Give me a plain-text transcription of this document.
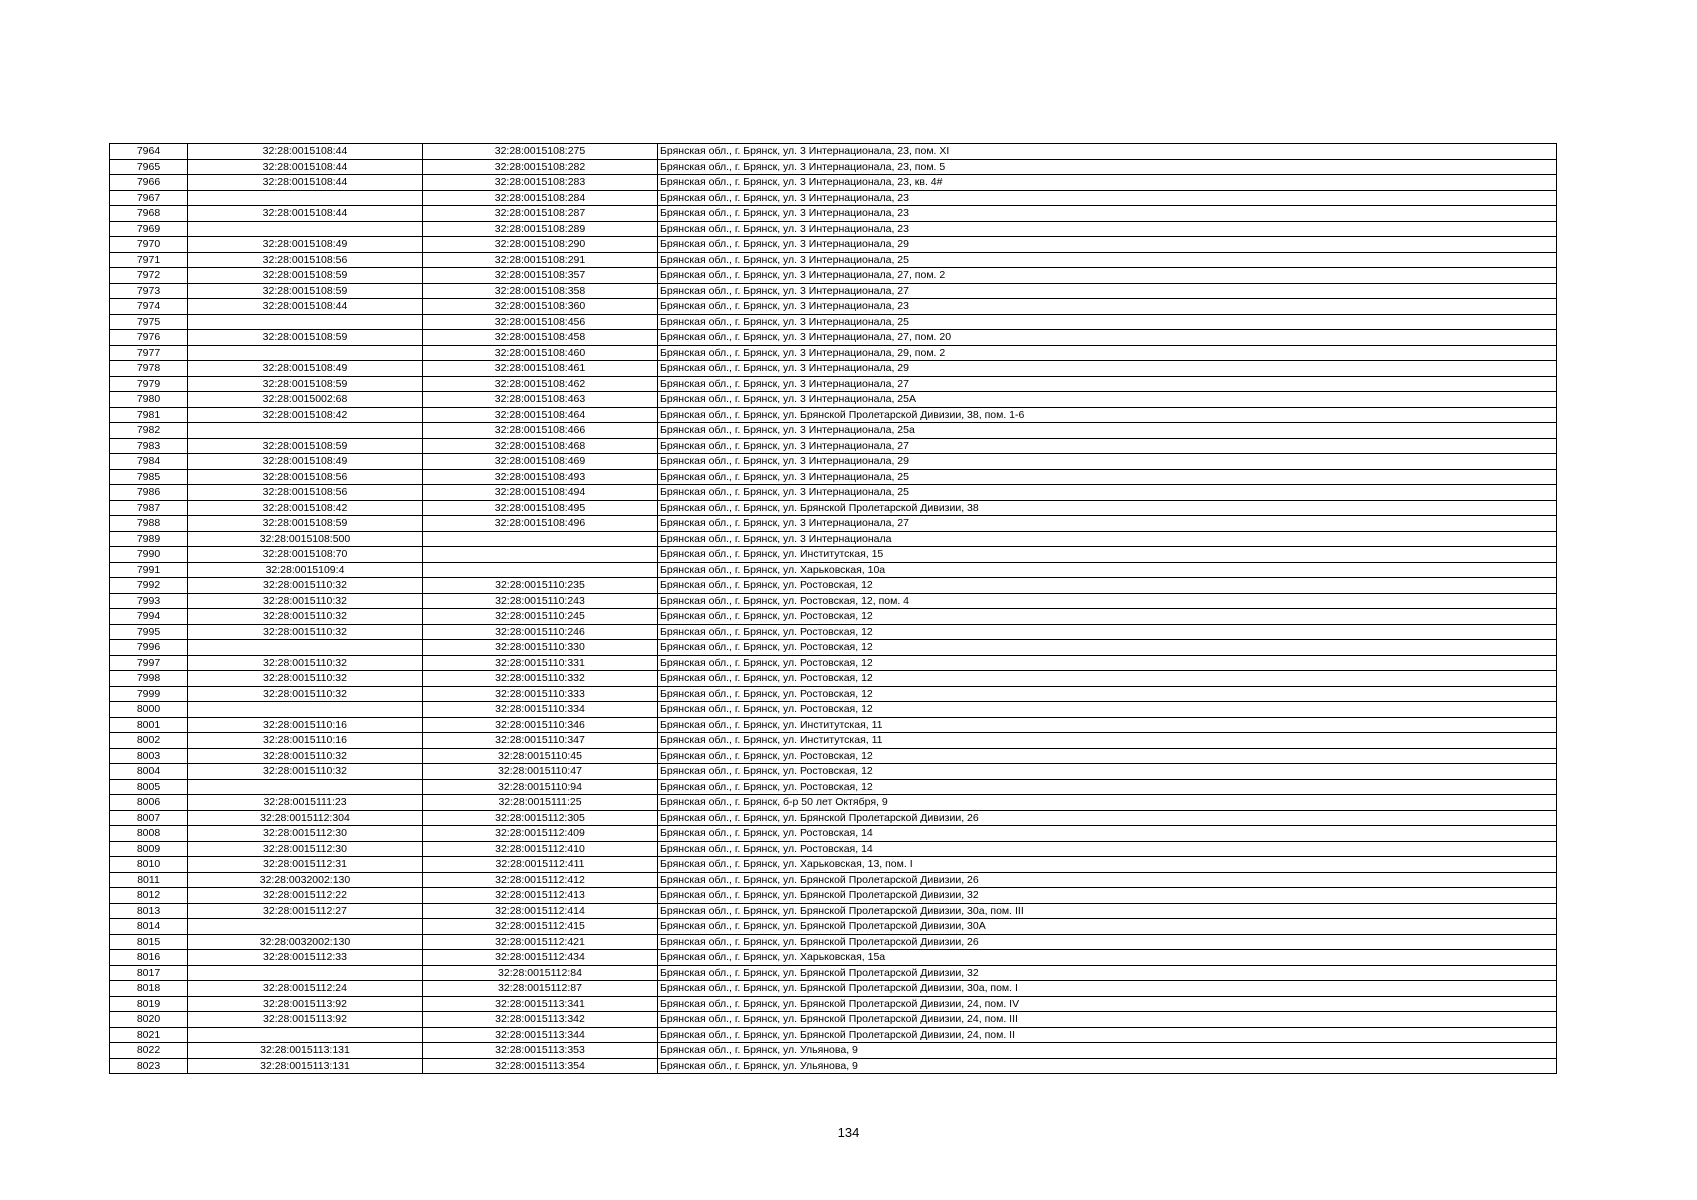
7964	32:28:0015108:44	32:28:0015108:275	Брянская обл., г. Брянск, ул. 3 Интернационала, 23, пом. XI
7965	32:28:0015108:44	32:28:0015108:282	Брянская обл., г. Брянск, ул. 3 Интернационала, 23, пом. 5
7966	32:28:0015108:44	32:28:0015108:283	Брянская обл., г. Брянск, ул. 3 Интернационала, 23, кв. 4#
7967		32:28:0015108:284	Брянская обл., г. Брянск, ул. 3 Интернационала, 23
7968	32:28:0015108:44	32:28:0015108:287	Брянская обл., г. Брянск, ул. 3 Интернационала, 23
7969		32:28:0015108:289	Брянская обл., г. Брянск, ул. 3 Интернационала, 23
7970	32:28:0015108:49	32:28:0015108:290	Брянская обл., г. Брянск, ул. 3 Интернационала, 29
7971	32:28:0015108:56	32:28:0015108:291	Брянская обл., г. Брянск, ул. 3 Интернационала, 25
7972	32:28:0015108:59	32:28:0015108:357	Брянская обл., г. Брянск, ул. 3 Интернационала, 27, пом. 2
7973	32:28:0015108:59	32:28:0015108:358	Брянская обл., г. Брянск, ул. 3 Интернационала, 27
7974	32:28:0015108:44	32:28:0015108:360	Брянская обл., г. Брянск, ул. 3 Интернационала, 23
7975		32:28:0015108:456	Брянская обл., г. Брянск, ул. 3 Интернационала, 25
7976	32:28:0015108:59	32:28:0015108:458	Брянская обл., г. Брянск, ул. 3 Интернационала, 27, пом. 20
7977		32:28:0015108:460	Брянская обл., г. Брянск, ул. 3 Интернационала, 29, пом. 2
7978	32:28:0015108:49	32:28:0015108:461	Брянская обл., г. Брянск, ул. 3 Интернационала, 29
7979	32:28:0015108:59	32:28:0015108:462	Брянская обл., г. Брянск, ул. 3 Интернационала, 27
7980	32:28:0015002:68	32:28:0015108:463	Брянская обл., г. Брянск, ул. 3 Интернационала, 25А
7981	32:28:0015108:42	32:28:0015108:464	Брянская обл., г. Брянск, ул. Брянской Пролетарской Дивизии, 38, пом. 1-6
7982		32:28:0015108:466	Брянская обл., г. Брянск, ул. 3 Интернационала, 25а
7983	32:28:0015108:59	32:28:0015108:468	Брянская обл., г. Брянск, ул. 3 Интернационала, 27
7984	32:28:0015108:49	32:28:0015108:469	Брянская обл., г. Брянск, ул. 3 Интернационала, 29
7985	32:28:0015108:56	32:28:0015108:493	Брянская обл., г. Брянск, ул. 3 Интернационала, 25
7986	32:28:0015108:56	32:28:0015108:494	Брянская обл., г. Брянск, ул. 3 Интернационала, 25
7987	32:28:0015108:42	32:28:0015108:495	Брянская обл., г. Брянск, ул. Брянской Пролетарской Дивизии, 38
7988	32:28:0015108:59	32:28:0015108:496	Брянская обл., г. Брянск, ул. 3 Интернационала, 27
7989	32:28:0015108:500		Брянская обл., г. Брянск, ул. 3 Интернационала
7990	32:28:0015108:70		Брянская обл., г. Брянск, ул. Институтская, 15
7991	32:28:0015109:4		Брянская обл., г. Брянск, ул. Харьковская, 10а
7992	32:28:0015110:32	32:28:0015110:235	Брянская обл., г. Брянск, ул. Ростовская, 12
7993	32:28:0015110:32	32:28:0015110:243	Брянская обл., г. Брянск, ул. Ростовская, 12, пом. 4
7994	32:28:0015110:32	32:28:0015110:245	Брянская обл., г. Брянск, ул. Ростовская, 12
7995	32:28:0015110:32	32:28:0015110:246	Брянская обл., г. Брянск, ул. Ростовская, 12
7996		32:28:0015110:330	Брянская обл., г. Брянск, ул. Ростовская, 12
7997	32:28:0015110:32	32:28:0015110:331	Брянская обл., г. Брянск, ул. Ростовская, 12
7998	32:28:0015110:32	32:28:0015110:332	Брянская обл., г. Брянск, ул. Ростовская, 12
7999	32:28:0015110:32	32:28:0015110:333	Брянская обл., г. Брянск, ул. Ростовская, 12
8000		32:28:0015110:334	Брянская обл., г. Брянск, ул. Ростовская, 12
8001	32:28:0015110:16	32:28:0015110:346	Брянская обл., г. Брянск, ул. Институтская, 11
8002	32:28:0015110:16	32:28:0015110:347	Брянская обл., г. Брянск, ул. Институтская, 11
8003	32:28:0015110:32	32:28:0015110:45	Брянская обл., г. Брянск, ул. Ростовская, 12
8004	32:28:0015110:32	32:28:0015110:47	Брянская обл., г. Брянск, ул. Ростовская, 12
8005		32:28:0015110:94	Брянская обл., г. Брянск, ул. Ростовская, 12
8006	32:28:0015111:23	32:28:0015111:25	Брянская обл., г. Брянск, б-р 50 лет Октября, 9
8007	32:28:0015112:304	32:28:0015112:305	Брянская обл., г. Брянск, ул. Брянской Пролетарской Дивизии, 26
8008	32:28:0015112:30	32:28:0015112:409	Брянская обл., г. Брянск, ул. Ростовская, 14
8009	32:28:0015112:30	32:28:0015112:410	Брянская обл., г. Брянск, ул. Ростовская, 14
8010	32:28:0015112:31	32:28:0015112:411	Брянская обл., г. Брянск, ул. Харьковская, 13, пом. I
8011	32:28:0032002:130	32:28:0015112:412	Брянская обл., г. Брянск, ул. Брянской Пролетарской Дивизии, 26
8012	32:28:0015112:22	32:28:0015112:413	Брянская обл., г. Брянск, ул. Брянской Пролетарской Дивизии, 32
8013	32:28:0015112:27	32:28:0015112:414	Брянская обл., г. Брянск, ул. Брянской Пролетарской Дивизии, 30а, пом. III
8014		32:28:0015112:415	Брянская обл., г. Брянск, ул. Брянской Пролетарской Дивизии, 30А
8015	32:28:0032002:130	32:28:0015112:421	Брянская обл., г. Брянск, ул. Брянской Пролетарской Дивизии, 26
8016	32:28:0015112:33	32:28:0015112:434	Брянская обл., г. Брянск, ул. Харьковская, 15а
8017		32:28:0015112:84	Брянская обл., г. Брянск, ул. Брянской Пролетарской Дивизии, 32
8018	32:28:0015112:24	32:28:0015112:87	Брянская обл., г. Брянск, ул. Брянской Пролетарской Дивизии, 30а, пом. I
8019	32:28:0015113:92	32:28:0015113:341	Брянская обл., г. Брянск, ул. Брянской Пролетарской Дивизии, 24, пом. IV
8020	32:28:0015113:92	32:28:0015113:342	Брянская обл., г. Брянск, ул. Брянской Пролетарской Дивизии, 24, пом. III
8021		32:28:0015113:344	Брянская обл., г. Брянск, ул. Брянской Пролетарской Дивизии, 24, пом. II
8022	32:28:0015113:131	32:28:0015113:353	Брянская обл., г. Брянск, ул. Ульянова, 9
8023	32:28:0015113:131	32:28:0015113:354	Брянская обл., г. Брянск, ул. Ульянова, 9
134
